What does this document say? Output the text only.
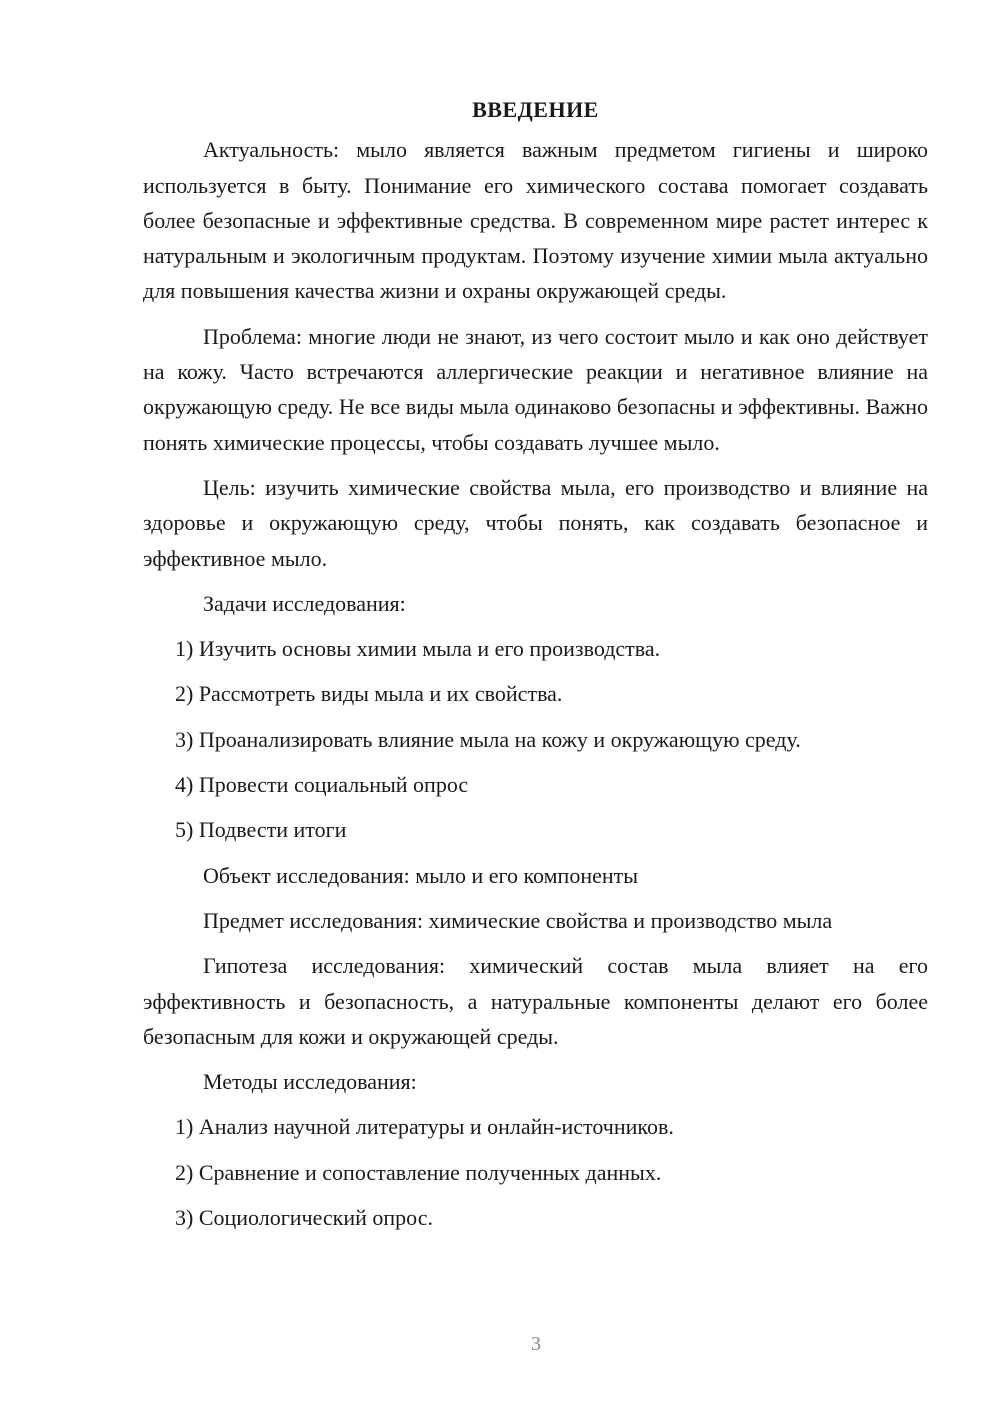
ВВЕДЕНИЕ

Актуальность: мыло является важным предметом гигиены и широко используется в быту. Понимание его химического состава помогает создавать более безопасные и эффективные средства. В современном мире растет интерес к натуральным и экологичным продуктам. Поэтому изучение химии мыла актуально для повышения качества жизни и охраны окружающей среды.

Проблема: многие люди не знают, из чего состоит мыло и как оно действует на кожу. Часто встречаются аллергические реакции и негативное влияние на окружающую среду. Не все виды мыла одинаково безопасны и эффективны. Важно понять химические процессы, чтобы создавать лучшее мыло.

Цель: изучить химические свойства мыла, его производство и влияние на здоровье и окружающую среду, чтобы понять, как создавать безопасное и эффективное мыло.

Задачи исследования:
1) Изучить основы химии мыла и его производства.
2) Рассмотреть виды мыла и их свойства.
3) Проанализировать влияние мыла на кожу и окружающую среду.
4) Провести социальный опрос
5) Подвести итоги
Объект исследования: мыло и его компоненты
Предмет исследования: химические свойства и производство мыла

Гипотеза исследования: химический состав мыла влияет на его эффективность и безопасность, а натуральные компоненты делают его более безопасным для кожи и окружающей среды.

Методы исследования:
1) Анализ научной литературы и онлайн-источников.
2) Сравнение и сопоставление полученных данных.
3) Социологический опрос.
3
